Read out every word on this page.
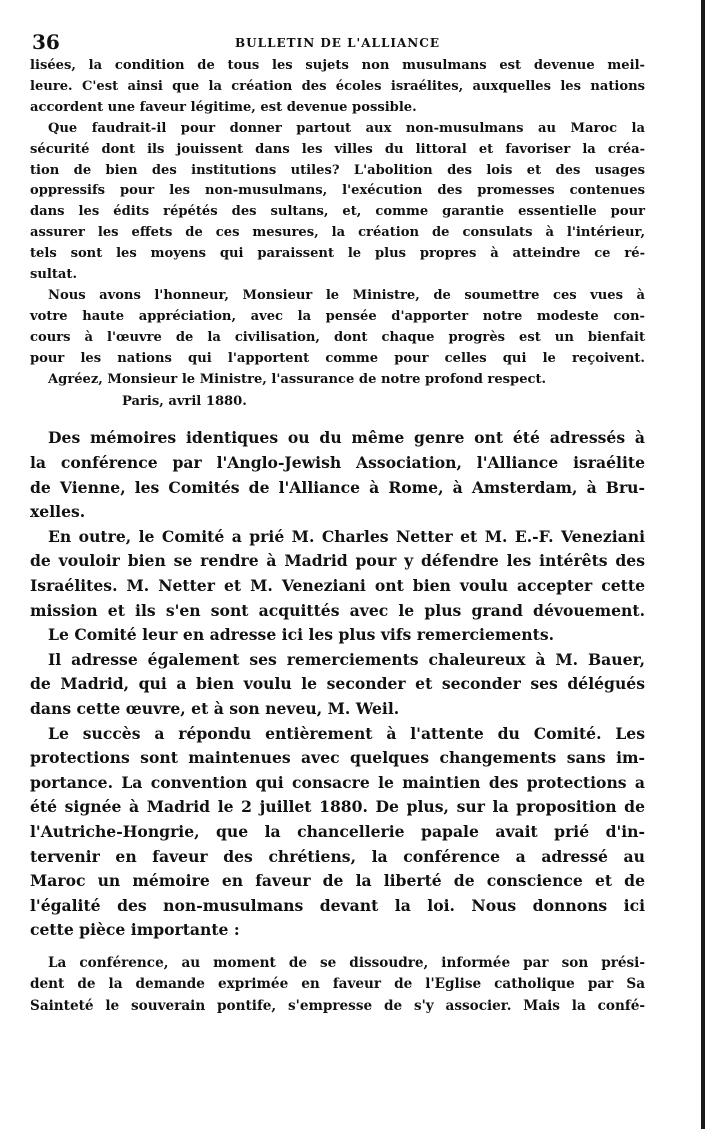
36	BULLETIN DE L'ALLIANCE
lisées, la condition de tous les sujets non musulmans est devenue meil-
leure. C'est ainsi que la création des écoles israélites, auxquelles les nations
accordent une faveur légitime, est devenue possible.
Que faudrait-il pour donner partout aux non-musulmans au Maroc la
sécurité dont ils jouissent dans les villes du littoral et favoriser la créa-
tion de bien des institutions utiles? L'abolition des lois et des usages
oppressifs pour les non-musulmans, l'exécution des promesses contenues
dans les édits répétés des sultans, et, comme garantie essentielle pour
assurer les effets de ces mesures, la création de consulats à l'intérieur,
tels sont les moyens qui paraissent le plus propres à atteindre ce ré-
sultat.
Nous avons l'honneur, Monsieur le Ministre, de soumettre ces vues à
votre haute appréciation, avec la pensée d'apporter notre modeste con-
cours à l'œuvre de la civilisation, dont chaque progrès est un bienfait
pour les nations qui l'apportent comme pour celles qui le reçoivent.
Agréez, Monsieur le Ministre, l'assurance de notre profond respect.
Paris, avril 1880.
Des mémoires identiques ou du même genre ont été adressés à
la conférence par l'Anglo-Jewish Association, l'Alliance israélite
de Vienne, les Comités de l'Alliance à Rome, à Amsterdam, à Bru-
xelles.
En outre, le Comité a prié M. Charles Netter et M. E.-F. Veneziani
de vouloir bien se rendre à Madrid pour y défendre les intérêts des
Israélites. M. Netter et M. Veneziani ont bien voulu accepter cette
mission et ils s'en sont acquittés avec le plus grand dévouement.
Le Comité leur en adresse ici les plus vifs remerciements.
Il adresse également ses remerciements chaleureux à M. Bauer,
de Madrid, qui a bien voulu le seconder et seconder ses délégués
dans cette œuvre, et à son neveu, M. Weil.
Le succès a répondu entièrement à l'attente du Comité. Les
protections sont maintenues avec quelques changements sans im-
portance. La convention qui consacre le maintien des protections a
été signée à Madrid le 2 juillet 1880. De plus, sur la proposition de
l'Autriche-Hongrie, que la chancellerie papale avait prié d'in-
tervenir en faveur des chrétiens, la conférence a adressé au
Maroc un mémoire en faveur de la liberté de conscience et de
l'égalité des non-musulmans devant la loi. Nous donnons ici
cette pièce importante :
La conférence, au moment de se dissoudre, informée par son prési-
dent de la demande exprimée en faveur de l'Eglise catholique par Sa
Sainteté le souverain pontife, s'empresse de s'y associer. Mais la confé-
